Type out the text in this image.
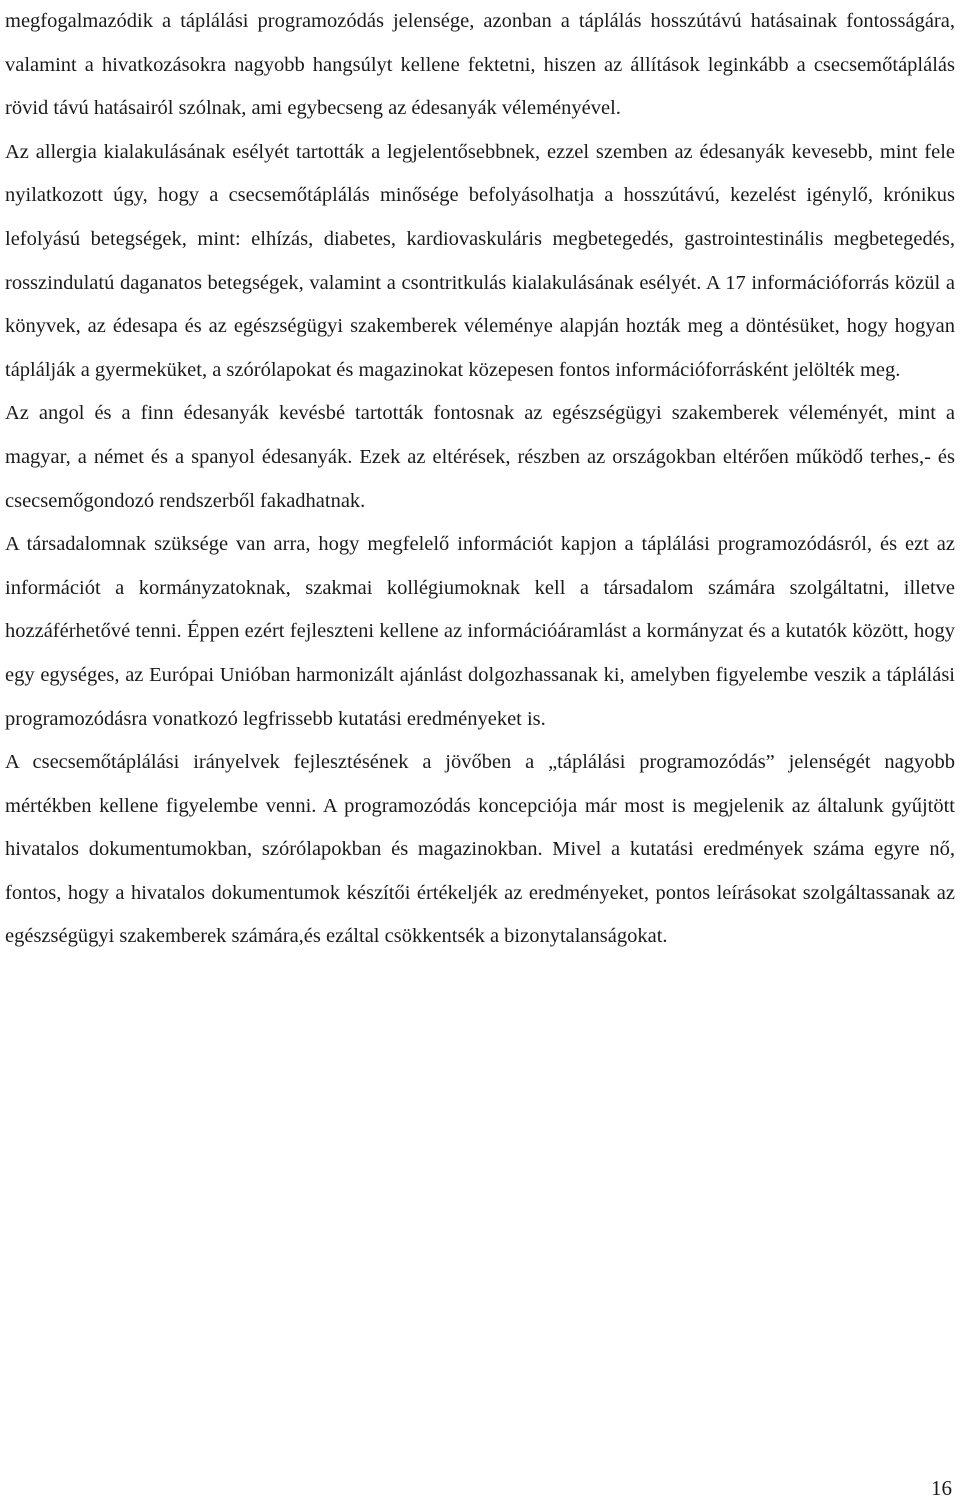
megfogalmazódik a táplálási programozódás jelensége, azonban a táplálás hosszútávú hatásainak fontosságára, valamint a hivatkozásokra nagyobb hangsúlyt kellene fektetni, hiszen az állítások leginkább a csecsemőtáplálás rövid távú hatásairól szólnak, ami egybecseng az édesanyák véleményével.

Az allergia kialakulásának esélyét tartották a legjelentősebbnek, ezzel szemben az édesanyák kevesebb, mint fele nyilatkozott úgy, hogy a csecsemőtáplálás minősége befolyásolhatja a hosszútávú, kezelést igénylő, krónikus lefolyású betegségek, mint: elhízás, diabetes, kardiovaskuláris megbetegedés, gastrointestinális megbetegedés, rosszindulatú daganatos betegségek, valamint a csontritkulás kialakulásának esélyét. A 17 információforrás közül a könyvek, az édesapa és az egészségügyi szakemberek véleménye alapján hozták meg a döntésüket, hogy hogyan táplálják a gyermeküket, a szórólapokat és magazinokat közepesen fontos információforrásként jelölték meg.

Az angol és a finn édesanyák kevésbé tartották fontosnak az egészségügyi szakemberek véleményét, mint a magyar, a német és a spanyol édesanyák. Ezek az eltérések, részben az országokban eltérően működő terhes,- és csecsemőgondozó rendszerből fakadhatnak.

A társadalomnak szüksége van arra, hogy megfelelő információt kapjon a táplálási programozódásról, és ezt az információt a kormányzatoknak, szakmai kollégiumoknak kell a társadalom számára szolgáltatni, illetve hozzáférhetővé tenni. Éppen ezért fejleszteni kellene az információáramlást a kormányzat és a kutatók között, hogy egy egységes, az Európai Unióban harmonizált ajánlást dolgozhassanak ki, amelyben figyelembe veszik a táplálási programozódásra vonatkozó legfrissebb kutatási eredményeket is.

A csecsemőtáplálási irányelvek fejlesztésének a jövőben a „táplálási programozódás” jelenségét nagyobb mértékben kellene figyelembe venni. A programozódás koncepciója már most is megjelenik az általunk gyűjtött hivatalos dokumentumokban, szórólapokban és magazinokban. Mivel a kutatási eredmények száma egyre nő, fontos, hogy a hivatalos dokumentumok készítői értékeljék az eredményeket, pontos leírásokat szolgáltassanak az egészségügyi szakemberek számára,és ezáltal csökkentsék a bizonytalanságokat.

16
